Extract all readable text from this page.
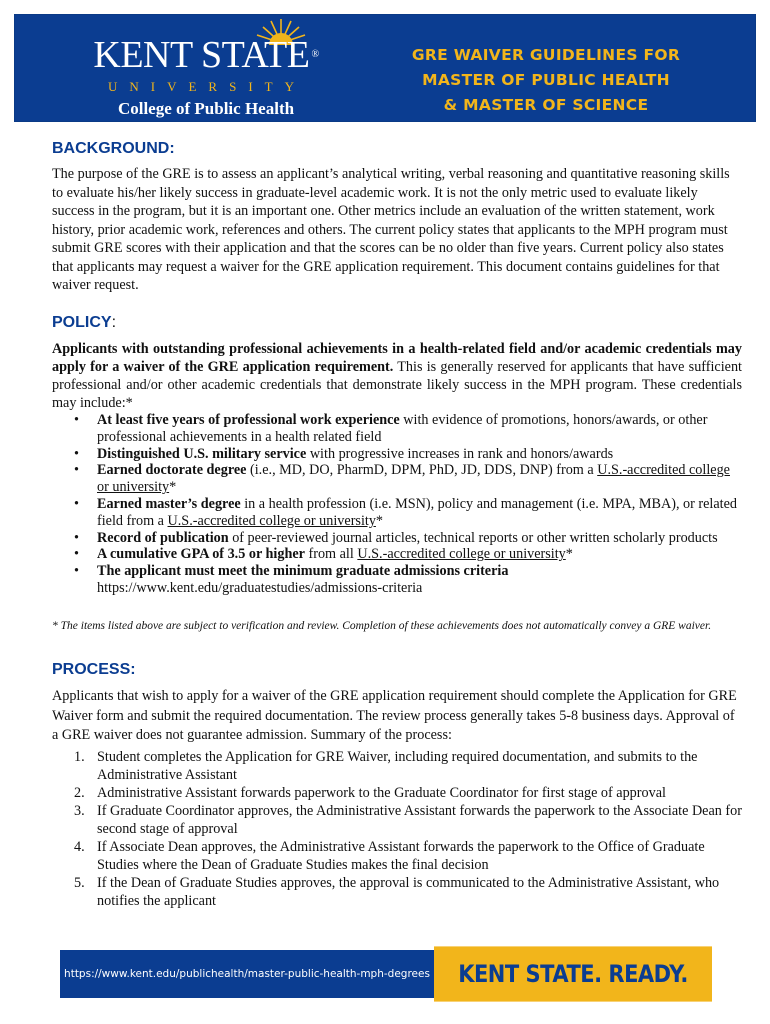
KENT STATE ®
UNIVERSITY
College of Public Health
GRE WAIVER GUIDELINES FOR
MASTER OF PUBLIC HEALTH
& MASTER OF SCIENCE
BACKGROUND:
The purpose of the GRE is to assess an applicant’s analytical writing, verbal reasoning and quantitative reasoning skills to evaluate his/her likely success in graduate-level academic work. It is not the only metric used to evaluate likely success in the program, but it is an important one. Other metrics include an evaluation of the written statement, work history, prior academic work, references and others. The current policy states that applicants to the MPH program must submit GRE scores with their application and that the scores can be no older than five years. Current policy also states that applicants may request a waiver for the GRE application requirement. This document contains guidelines for that waiver request.
POLICY:
Applicants with outstanding professional achievements in a health-related field and/or academic credentials may apply for a waiver of the GRE application requirement. This is generally reserved for applicants that have sufficient professional and/or other academic credentials that demonstrate likely success in the MPH program. These credentials may include:*
• At least five years of professional work experience with evidence of promotions, honors/awards, or other professional achievements in a health related field
• Distinguished U.S. military service with progressive increases in rank and honors/awards
• Earned doctorate degree (i.e., MD, DO, PharmD, DPM, PhD, JD, DDS, DNP) from a U.S.-accredited college or university*
• Earned master’s degree in a health profession (i.e. MSN), policy and management (i.e. MPA, MBA), or related field from a U.S.-accredited college or university*
• Record of publication of peer-reviewed journal articles, technical reports or other written scholarly products
• A cumulative GPA of 3.5 or higher from all U.S.-accredited college or university*
• The applicant must meet the minimum graduate admissions criteria
https://www.kent.edu/graduatestudies/admissions-criteria
* The items listed above are subject to verification and review. Completion of these achievements does not automatically convey a GRE waiver.
PROCESS:
Applicants that wish to apply for a waiver of the GRE application requirement should complete the Application for GRE Waiver form and submit the required documentation. The review process generally takes 5-8 business days. Approval of a GRE waiver does not guarantee admission. Summary of the process:
1. Student completes the Application for GRE Waiver, including required documentation, and submits to the Administrative Assistant
2. Administrative Assistant forwards paperwork to the Graduate Coordinator for first stage of approval
3. If Graduate Coordinator approves, the Administrative Assistant forwards the paperwork to the Associate Dean for second stage of approval
4. If Associate Dean approves, the Administrative Assistant forwards the paperwork to the Office of Graduate Studies where the Dean of Graduate Studies makes the final decision
5. If the Dean of Graduate Studies approves, the approval is communicated to the Administrative Assistant, who notifies the applicant
https://www.kent.edu/publichealth/master-public-health-mph-degrees	KENT STATE. READY.
